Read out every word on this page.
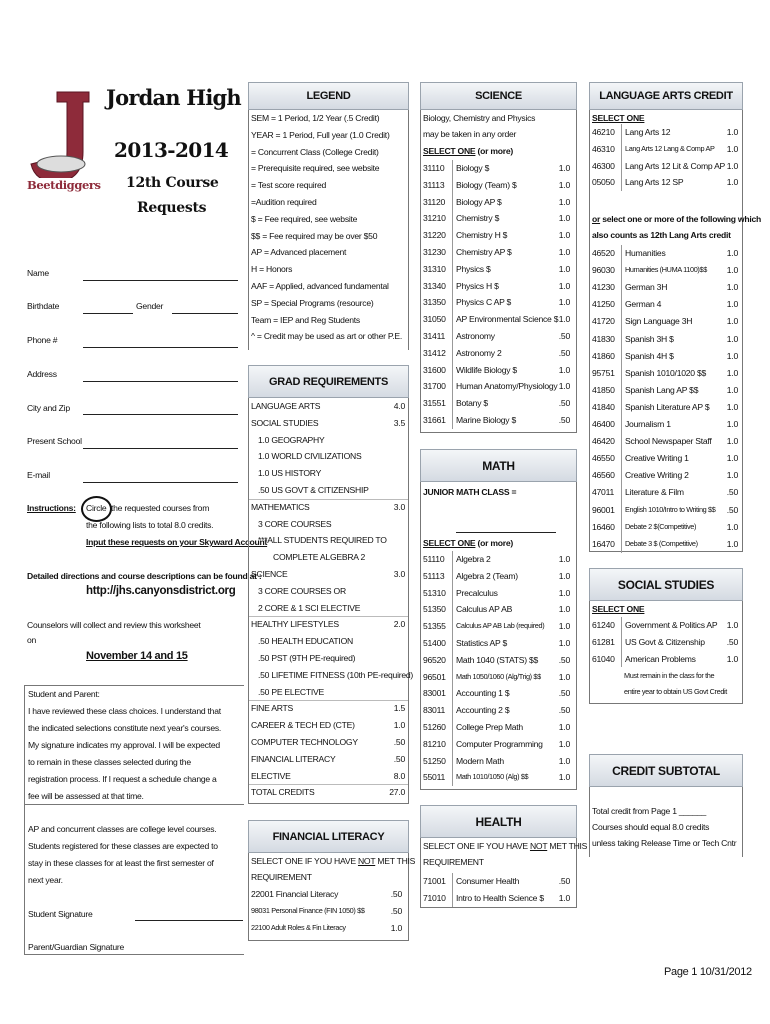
Beetdiggers
Jordan High
2013-2014
12th Course
Requests
Name
Birthdate	Gender
Phone #
Address
City and Zip
Present School
E-mail
Instructions: Circle the requested courses from
the following lists to total 8.0 credits.
Input these requests on your Skyward Account
Detailed directions and course descriptions can be found at :
http://jhs.canyonsdistrict.org
Counselors will collect and review this worksheet
on
November 14 and 15
Student and Parent:
I have reviewed these class choices. I understand that
the indicated selections constitute next year's courses.
My signature indicates my approval. I will be expected
to remain in these classes selected during the
registration process. If I request a schedule change a
fee will be assessed at that time.
AP and concurrent classes are college level courses.
Students registered for these classes are expected to
stay in these classes for at least the first semester of
next year.
Student Signature
Parent/Guardian Signature
LEGEND
SEM = 1 Period, 1/2 Year (.5 Credit)
YEAR = 1 Period, Full year (1.0 Credit)
= Concurrent Class (College Credit)
= Prerequisite required, see website
= Test score required
=Audition required
$ = Fee required, see website
$$ = Fee required may be over $50
AP = Advanced placement
H = Honors
AAF = Applied, advanced fundamental
SP = Special Programs (resource)
Team = IEP and Reg Students
^ = Credit may be used as art or other P.E.
GRAD REQUIREMENTS
LANGUAGE ARTS	4.0
SOCIAL STUDIES	3.5
1.0 GEOGRAPHY
1.0 WORLD CIVILIZATIONS
1.0 US HISTORY
.50 US GOVT & CITIZENSHIP
MATHEMATICS	3.0
3 CORE COURSES
***ALL STUDENTS REQUIRED TO
COMPLETE ALGEBRA 2
SCIENCE	3.0
3 CORE COURSES OR
2 CORE & 1 SCI ELECTIVE
HEALTHY LIFESTYLES	2.0
.50 HEALTH EDUCATION
.50 PST (9TH PE-required)
.50 LIFETIME FITNESS (10th PE-required)
.50 PE ELECTIVE
FINE ARTS	1.5
CAREER & TECH ED (CTE)	1.0
COMPUTER TECHNOLOGY	.50
FINANCIAL LITERACY	.50
ELECTIVE	8.0
TOTAL CREDITS	27.0
FINANCIAL LITERACY
SELECT ONE IF YOU HAVE NOT MET THIS
REQUIREMENT
22001 Financial Literacy	.50
98031 Personal Finance (FIN 1050) $$	.50
22100 Adult Roles & Fin Literacy	1.0
SCIENCE
Biology, Chemistry and Physics
may be taken in any order
SELECT ONE (or more)
31110 Biology $	1.0
31113 Biology (Team) $	1.0
31120 Biology AP $	1.0
31210 Chemistry $	1.0
31220 Chemistry H $	1.0
31230 Chemistry AP $	1.0
31310 Physics $	1.0
31340 Physics H $	1.0
31350 Physics C AP $	1.0
31050 AP Environmental Science $ 1.0
31411 Astronomy	.50
31412 Astronomy 2	.50
31600 Wildlife Biology $	1.0
31700 Human Anatomy/Physiology 1.0
31551 Botany $	.50
31661 Marine Biology $	.50
MATH
JUNIOR MATH CLASS =
SELECT ONE (or more)
51110 Algebra 2	1.0
51113 Algebra 2 (Team)	1.0
51310 Precalculus	1.0
51350 Calculus AP AB	1.0
51355 Calculus AP AB Lab (required) 1.0
51400 Statistics AP $	1.0
96520 Math 1040 (STATS) $$ .50
96501 Math 1050/1060 (Alg/Trig) $$ 1.0
83001 Accounting 1 $	.50
83011 Accounting 2 $	.50
51260 College Prep Math	1.0
81210 Computer Programming 1.0
51250 Modern Math	1.0
55011 Math 1010/1050 (Alg) $$	1.0
HEALTH
SELECT ONE IF YOU HAVE NOT MET THIS
REQUIREMENT
71001 Consumer Health	.50
71010 Intro to Health Science $ 1.0
LANGUAGE ARTS CREDIT
SELECT ONE
46210 Lang Arts 12	1.0
46310 Lang Arts 12 Lang & Comp AP 1.0
46300 Lang Arts 12 Lit & Comp AP 1.0
05050 Lang Arts 12 SP	1.0
or select one or more of the following which
also counts as 12th Lang Arts credit
46520 Humanities	1.0
96030 Humanities (HUMA 1100)$$ 1.0
41230 German 3H	1.0
41250 German 4	1.0
41720 Sign Language 3H	1.0
41830 Spanish 3H $	1.0
41860 Spanish 4H $	1.0
95751 Spanish 1010/1020 $$ 1.0
41850 Spanish Lang AP $$	1.0
41840 Spanish Literature AP $ 1.0
46400 Journalism 1	1.0
46420 School Newspaper Staff 1.0
46550 Creative Writing 1	1.0
46560 Creative Writing 2	1.0
47011 Literature & Film	.50
96001 English 1010/Intro to Writing $$ .50
16460 Debate 2 $(Competitive)	1.0
16470 Debate 3 $ (Competitive)	1.0
SOCIAL STUDIES
SELECT ONE
61240 Government & Politics AP 1.0
61281 US Govt & Citizenship	.50
61040 American Problems	1.0
Must remain in the class for the
entire year to obtain US Govt Credit
CREDIT SUBTOTAL
Total credit from Page 1 ______
Courses should equal 8.0 credits
unless taking Release Time or Tech Cntr
Page 1 10/31/2012
